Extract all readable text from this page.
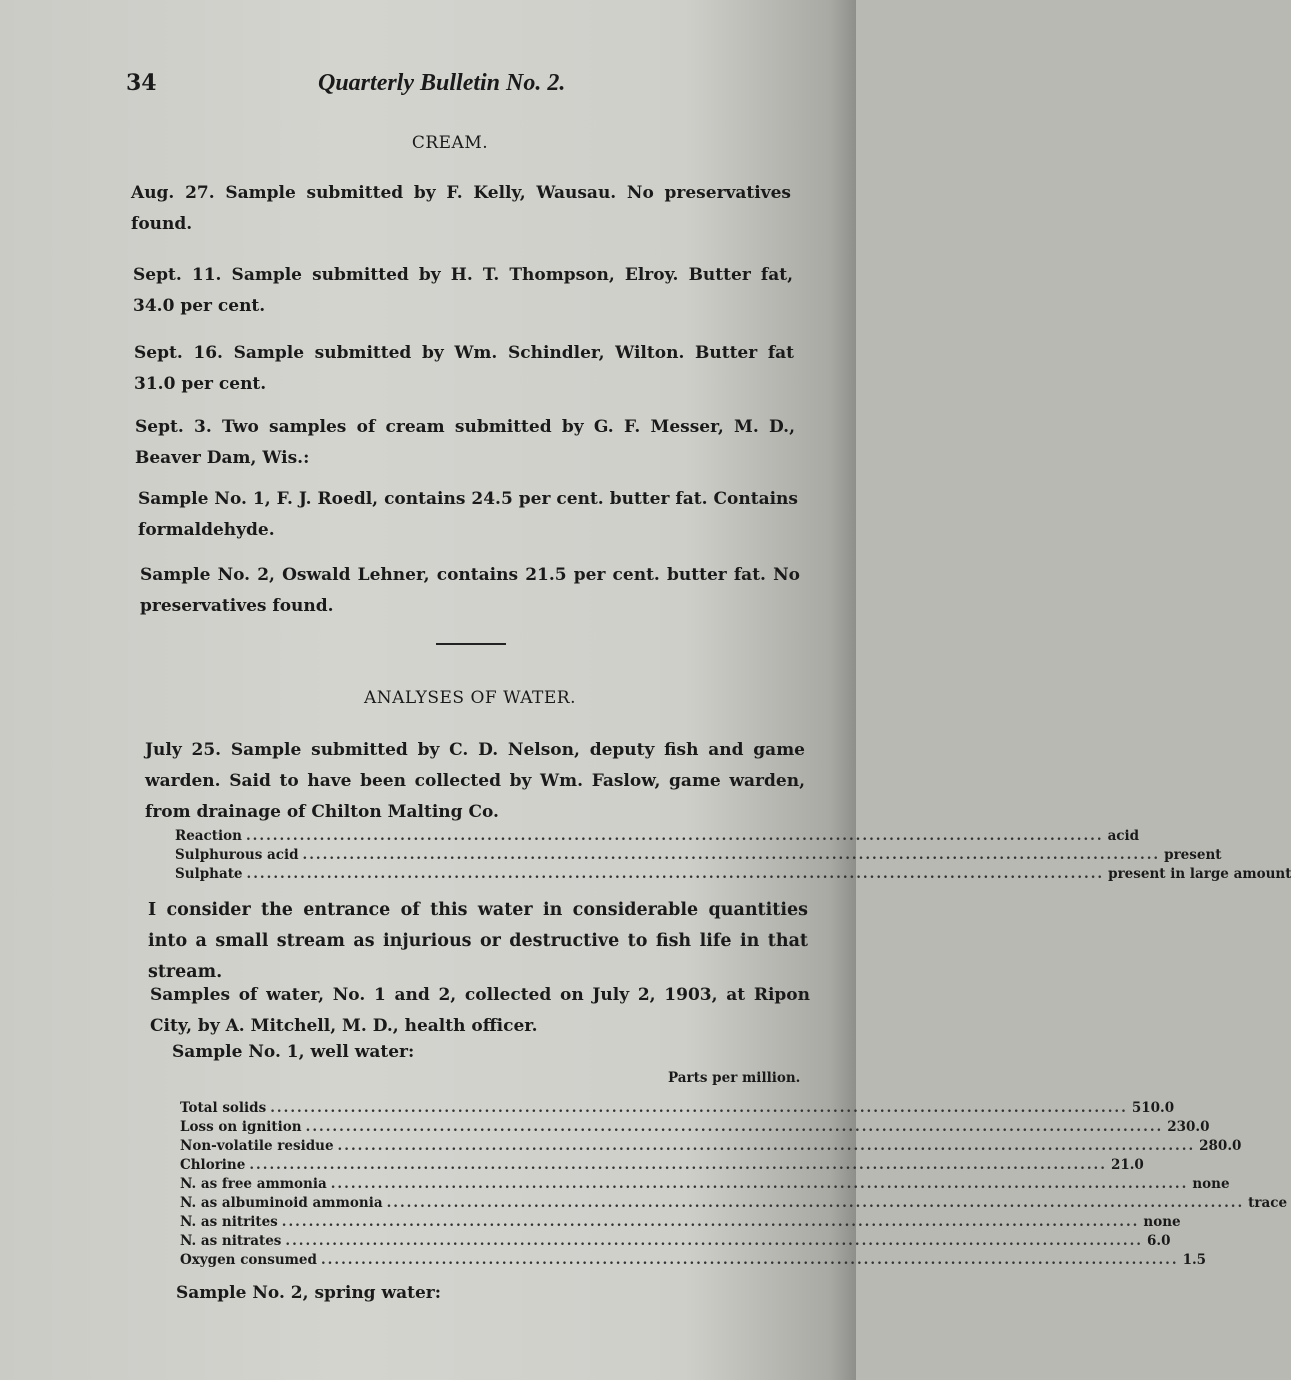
34	Quarterly Bulletin No. 2.
CREAM.
Aug. 27. Sample submitted by F. Kelly, Wausau. No preservatives found.
Sept. 11. Sample submitted by H. T. Thompson, Elroy. Butter fat, 34.0 per cent.
Sept. 16. Sample submitted by Wm. Schindler, Wilton. Butter fat 31.0 per cent.
Sept. 3. Two samples of cream submitted by G. F. Messer, M. D., Beaver Dam, Wis.:
Sample No. 1, F. J. Roedl, contains 24.5 per cent. butter fat. Contains formaldehyde.
Sample No. 2, Oswald Lehner, contains 21.5 per cent. butter fat. No preservatives found.
ANALYSES OF WATER.
July 25. Sample submitted by C. D. Nelson, deputy fish and game warden. Said to have been collected by Wm. Faslow, game warden, from drainage of Chilton Malting Co.
Reaction ................................................................................................................................ acid
Sulphurous acid ................................................................................................................................ present
Sulphate ................................................................................................................................ present in large amount
I consider the entrance of this water in considerable quantities into a small stream as injurious or destructive to fish life in that stream.
Samples of water, No. 1 and 2, collected on July 2, 1903, at Ripon City, by A. Mitchell, M. D., health officer.
Sample No. 1, well water:
Parts per million.
Total solids ................................................................................................................................ 510.0
Loss on ignition ................................................................................................................................ 230.0
Non-volatile residue ................................................................................................................................ 280.0
Chlorine ................................................................................................................................ 21.0
N. as free ammonia ................................................................................................................................ none
N. as albuminoid ammonia ................................................................................................................................ trace
N. as nitrites ................................................................................................................................ none
N. as nitrates ................................................................................................................................ 6.0
Oxygen consumed ................................................................................................................................ 1.5
Sample No. 2, spring water:
